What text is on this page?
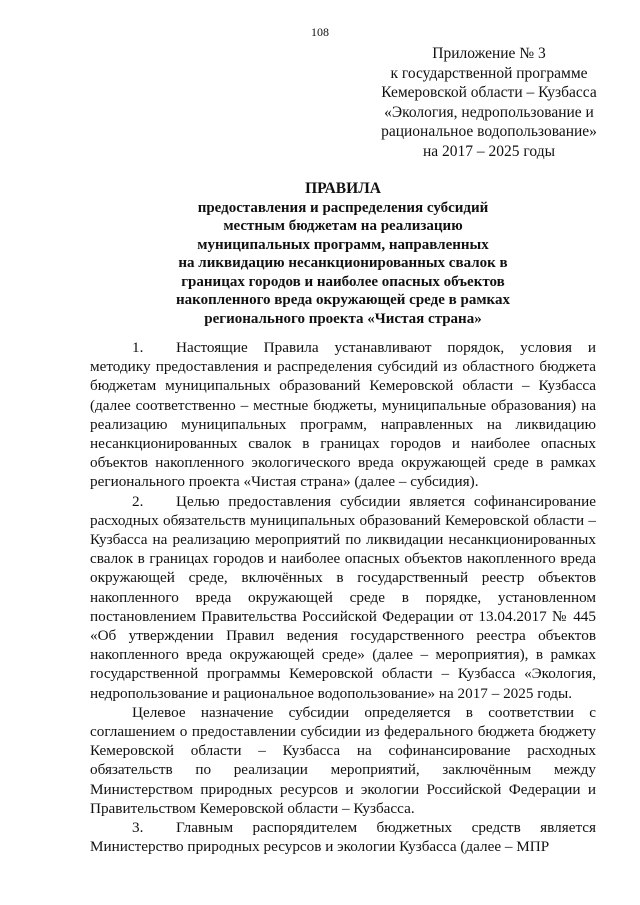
108
Приложение № 3
к государственной программе
Кемеровской области – Кузбасса
«Экология, недропользование и
рациональное водопользование»
на 2017 – 2025 годы
ПРАВИЛА
предоставления и распределения субсидий
местным бюджетам на реализацию
муниципальных программ, направленных
на ликвидацию несанкционированных свалок в
границах городов и наиболее опасных объектов
накопленного вреда окружающей среде в рамках
регионального проекта «Чистая страна»

1. Настоящие Правила устанавливают порядок, условия и методику предоставления и распределения субсидий из областного бюджета бюджетам муниципальных образований Кемеровской области – Кузбасса (далее соответственно – местные бюджеты, муниципальные образования) на реализацию муниципальных программ, направленных на ликвидацию несанкционированных свалок в границах городов и наиболее опасных объектов накопленного экологического вреда окружающей среде в рамках регионального проекта «Чистая страна» (далее – субсидия).

2. Целью предоставления субсидии является софинансирование расходных обязательств муниципальных образований Кемеровской области – Кузбасса на реализацию мероприятий по ликвидации несанкционированных свалок в границах городов и наиболее опасных объектов накопленного вреда окружающей среде, включённых в государственный реестр объектов накопленного вреда окружающей среде в порядке, установленном постановлением Правительства Российской Федерации от 13.04.2017 № 445 «Об утверждении Правил ведения государственного реестра объектов накопленного вреда окружающей среде» (далее – мероприятия), в рамках государственной программы Кемеровской области – Кузбасса «Экология, недропользование и рациональное водопользование» на 2017 – 2025 годы.

Целевое назначение субсидии определяется в соответствии с соглашением о предоставлении субсидии из федерального бюджета бюджету Кемеровской области – Кузбасса на софинансирование расходных обязательств по реализации мероприятий, заключённым между Министерством природных ресурсов и экологии Российской Федерации и Правительством Кемеровской области – Кузбасса.

3. Главным распорядителем бюджетных средств является Министерство природных ресурсов и экологии Кузбасса (далее – МПР
